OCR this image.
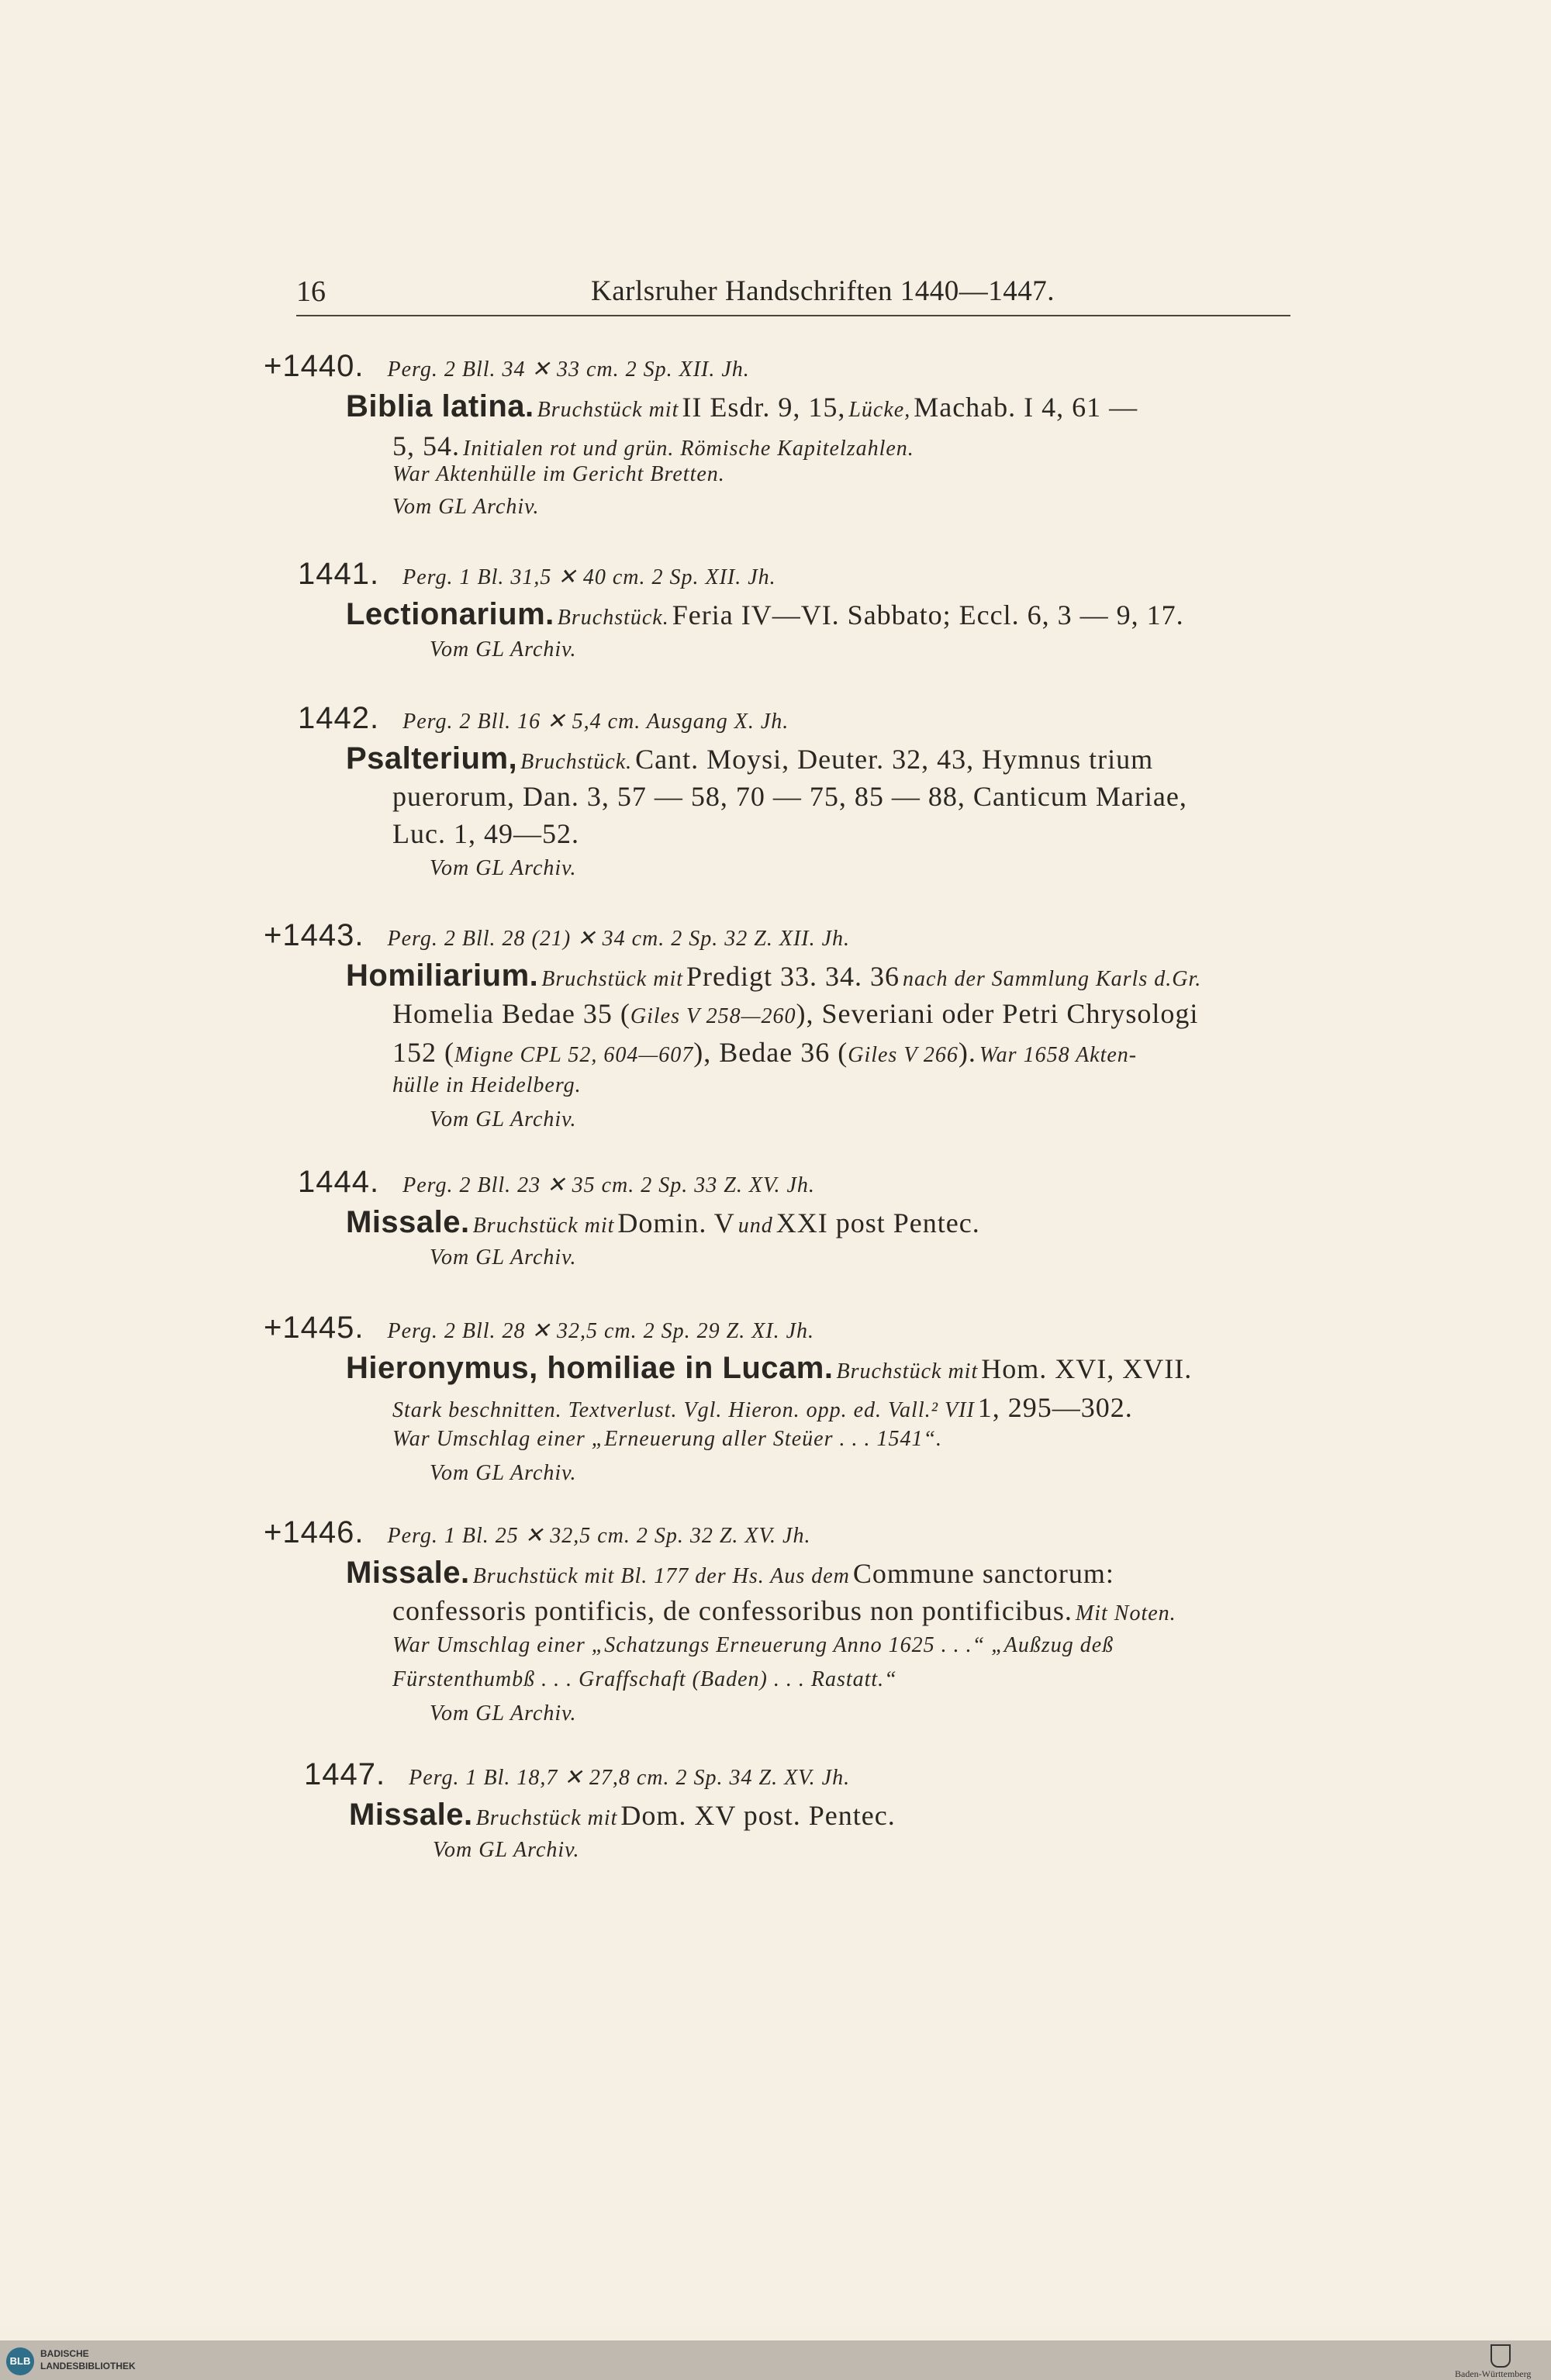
16	Karlsruher Handschriften 1440—1447.
+1440. Perg. 2 Bll. 34 ✕ 33 cm. 2 Sp. XII. Jh.
Biblia latina. Bruchstück mit II Esdr. 9, 15, Lücke, Machab. I 4, 61 —
5, 54. Initialen rot und grün. Römische Kapitelzahlen.
War Aktenhülle im Gericht Bretten.
Vom GL Archiv.
1441. Perg. 1 Bl. 31,5 ✕ 40 cm. 2 Sp. XII. Jh.
Lectionarium. Bruchstück. Feria IV—VI. Sabbato; Eccl. 6, 3 — 9, 17.
Vom GL Archiv.
1442. Perg. 2 Bll. 16 ✕ 5,4 cm. Ausgang X. Jh.
Psalterium, Bruchstück. Cant. Moysi, Deuter. 32, 43, Hymnus trium
puerorum, Dan. 3, 57 — 58, 70 — 75, 85 — 88, Canticum Mariae,
Luc. 1, 49—52.
Vom GL Archiv.
+1443. Perg. 2 Bll. 28 (21) ✕ 34 cm. 2 Sp. 32 Z. XII. Jh.
Homiliarium. Bruchstück mit Predigt 33. 34. 36 nach der Sammlung Karls d.Gr.
Homelia Bedae 35 (Giles V 258—260), Severiani oder Petri Chrysologi
152 (Migne CPL 52, 604—607), Bedae 36 (Giles V 266). War 1658 Akten-
hülle in Heidelberg.
Vom GL Archiv.
1444. Perg. 2 Bll. 23 ✕ 35 cm. 2 Sp. 33 Z. XV. Jh.
Missale. Bruchstück mit Domin. V und XXI post Pentec.
Vom GL Archiv.
+1445. Perg. 2 Bll. 28 ✕ 32,5 cm. 2 Sp. 29 Z. XI. Jh.
Hieronymus, homiliae in Lucam. Bruchstück mit Hom. XVI, XVII.
Stark beschnitten. Textverlust. Vgl. Hieron. opp. ed. Vall.² VII 1, 295—302.
War Umschlag einer „Erneuerung aller Steüer . . . 1541“.
Vom GL Archiv.
+1446. Perg. 1 Bl. 25 ✕ 32,5 cm. 2 Sp. 32 Z. XV. Jh.
Missale. Bruchstück mit Bl. 177 der Hs. Aus dem Commune sanctorum:
confessoris pontificis, de confessoribus non pontificibus. Mit Noten.
War Umschlag einer „Schatzungs Erneuerung Anno 1625 . . .“ „Außzug deß
Fürstenthumbß . . . Graffschaft (Baden) . . . Rastatt.“
Vom GL Archiv.
1447. Perg. 1 Bl. 18,7 ✕ 27,8 cm. 2 Sp. 34 Z. XV. Jh.
Missale. Bruchstück mit Dom. XV post. Pentec.
Vom GL Archiv.
BLB
BADISCHE
LANDESBIBLIOTHEK
Baden-Württemberg
